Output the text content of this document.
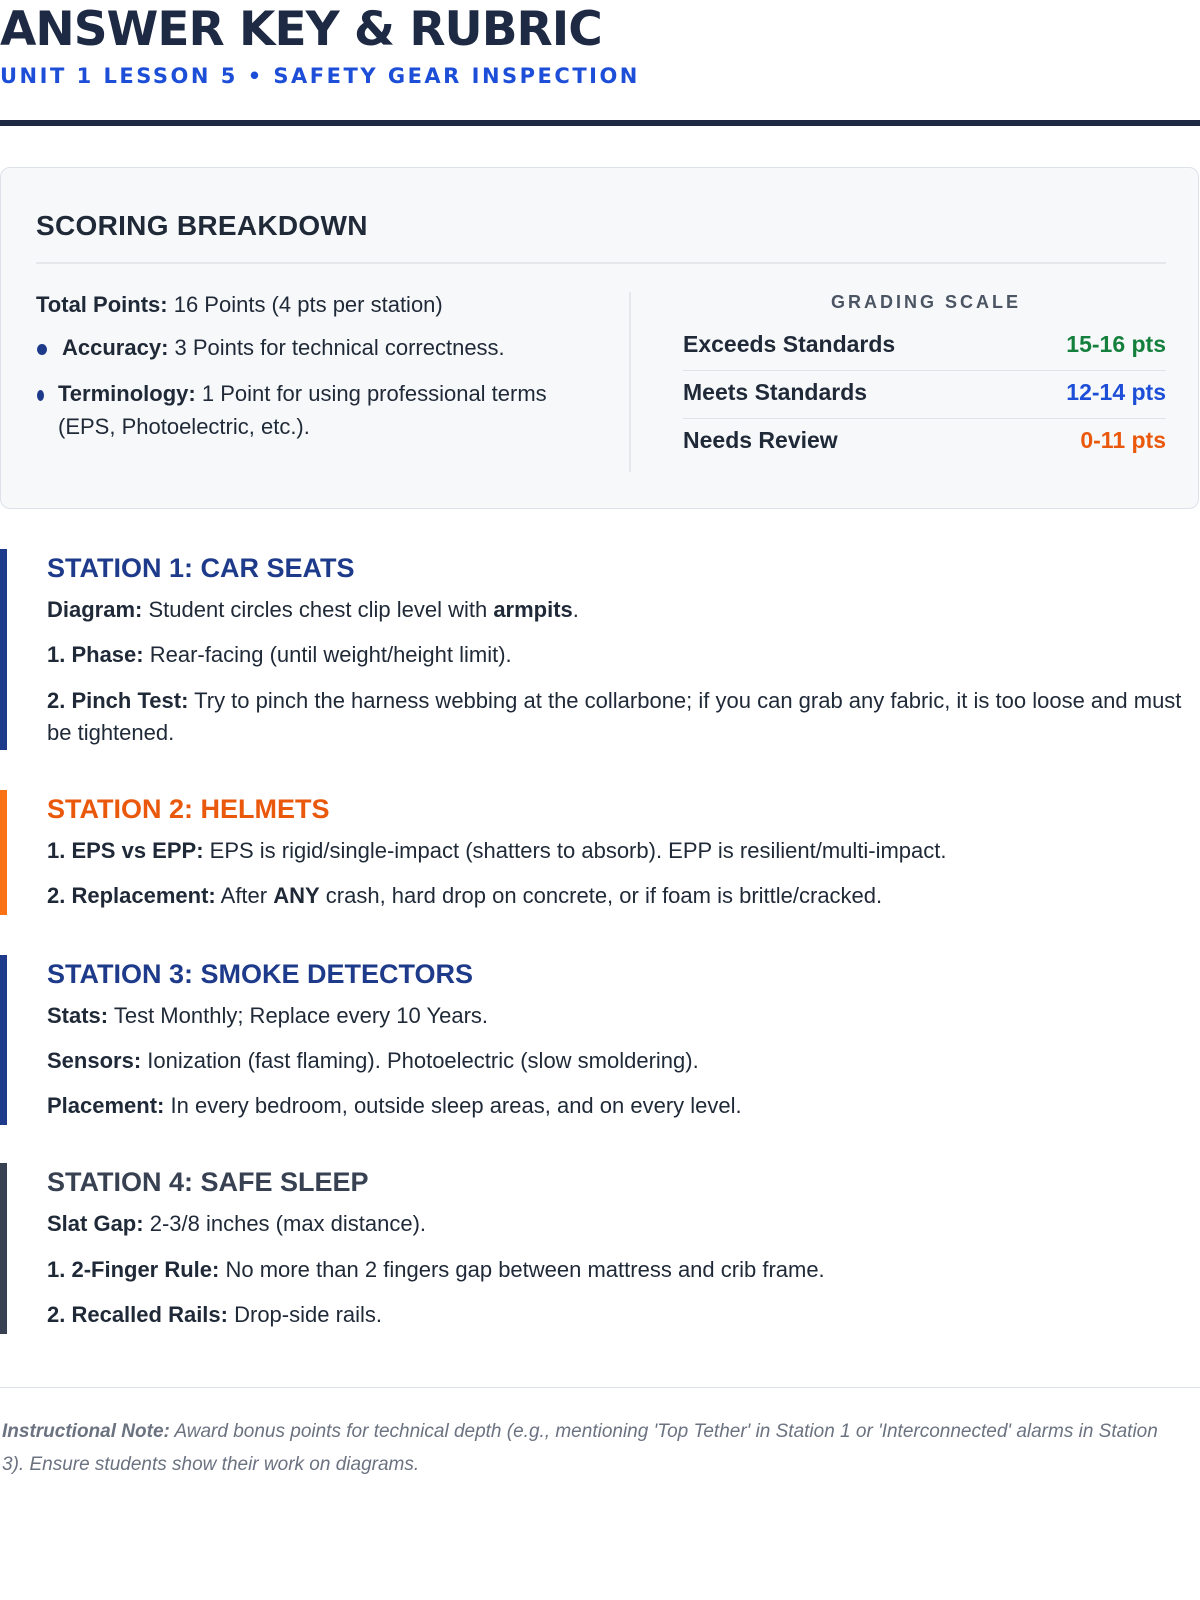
ANSWER KEY & RUBRIC
UNIT 1 LESSON 5 • SAFETY GEAR INSPECTION
SCORING BREAKDOWN
Total Points: 16 Points (4 pts per station)
Accuracy: 3 Points for technical correctness.
Terminology: 1 Point for using professional terms (EPS, Photoelectric, etc.).
GRADING SCALE
Exceeds Standards	15-16 pts
Meets Standards	12-14 pts
Needs Review	0-11 pts
STATION 1: CAR SEATS
Diagram: Student circles chest clip level with armpits.
1. Phase: Rear-facing (until weight/height limit).
2. Pinch Test: Try to pinch the harness webbing at the collarbone; if you can grab any fabric, it is too loose and must be tightened.
STATION 2: HELMETS
1. EPS vs EPP: EPS is rigid/single-impact (shatters to absorb). EPP is resilient/multi-impact.
2. Replacement: After ANY crash, hard drop on concrete, or if foam is brittle/cracked.
STATION 3: SMOKE DETECTORS
Stats: Test Monthly; Replace every 10 Years.
Sensors: Ionization (fast flaming). Photoelectric (slow smoldering).
Placement: In every bedroom, outside sleep areas, and on every level.
STATION 4: SAFE SLEEP
Slat Gap: 2-3/8 inches (max distance).
1. 2-Finger Rule: No more than 2 fingers gap between mattress and crib frame.
2. Recalled Rails: Drop-side rails.
Instructional Note: Award bonus points for technical depth (e.g., mentioning 'Top Tether' in Station 1 or 'Interconnected' alarms in Station 3). Ensure students show their work on diagrams.
